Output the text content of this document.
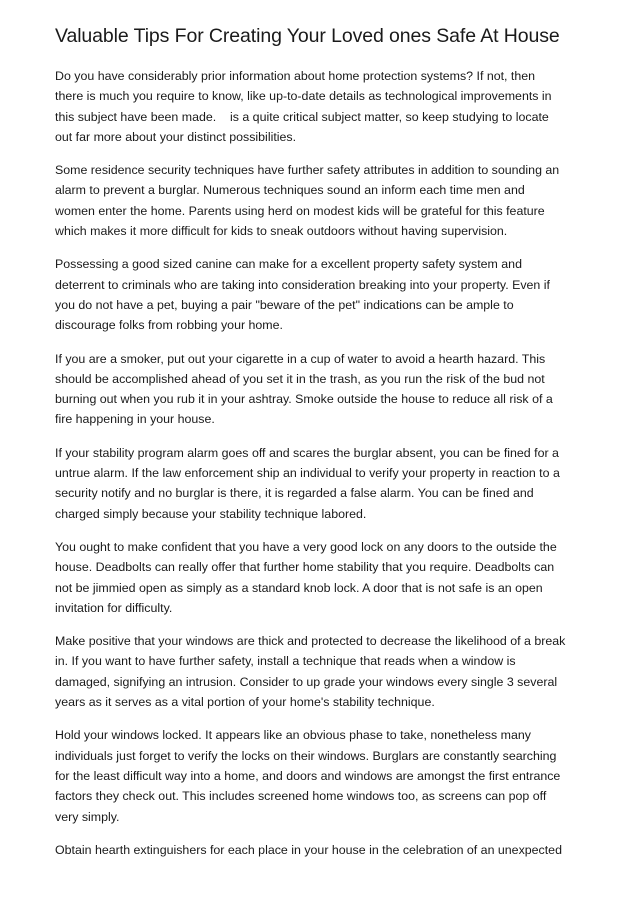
Valuable Tips For Creating Your Loved ones Safe At House

Do you have considerably prior information about home protection systems? If not, then
there is much you require to know, like up-to-date details as technological improvements in
this subject have been made.    is a quite critical subject matter, so keep studying to locate
out far more about your distinct possibilities.

Some residence security techniques have further safety attributes in addition to sounding an
alarm to prevent a burglar. Numerous techniques sound an inform each time men and
women enter the home. Parents using herd on modest kids will be grateful for this feature
which makes it more difficult for kids to sneak outdoors without having supervision.

Possessing a good sized canine can make for a excellent property safety system and
deterrent to criminals who are taking into consideration breaking into your property. Even if
you do not have a pet, buying a pair "beware of the pet" indications can be ample to
discourage folks from robbing your home.

If you are a smoker, put out your cigarette in a cup of water to avoid a hearth hazard. This
should be accomplished ahead of you set it in the trash, as you run the risk of the bud not
burning out when you rub it in your ashtray. Smoke outside the house to reduce all risk of a
fire happening in your house.

If your stability program alarm goes off and scares the burglar absent, you can be fined for a
untrue alarm. If the law enforcement ship an individual to verify your property in reaction to a
security notify and no burglar is there, it is regarded a false alarm. You can be fined and
charged simply because your stability technique labored.

You ought to make confident that you have a very good lock on any doors to the outside the
house. Deadbolts can really offer that further home stability that you require. Deadbolts can
not be jimmied open as simply as a standard knob lock. A door that is not safe is an open
invitation for difficulty.

Make positive that your windows are thick and protected to decrease the likelihood of a break
in. If you want to have further safety, install a technique that reads when a window is
damaged, signifying an intrusion. Consider to up grade your windows every single 3 several
years as it serves as a vital portion of your home's stability technique.

Hold your windows locked. It appears like an obvious phase to take, nonetheless many
individuals just forget to verify the locks on their windows. Burglars are constantly searching
for the least difficult way into a home, and doors and windows are amongst the first entrance
factors they check out. This includes screened home windows too, as screens can pop off
very simply.

Obtain hearth extinguishers for each place in your house in the celebration of an unexpected
